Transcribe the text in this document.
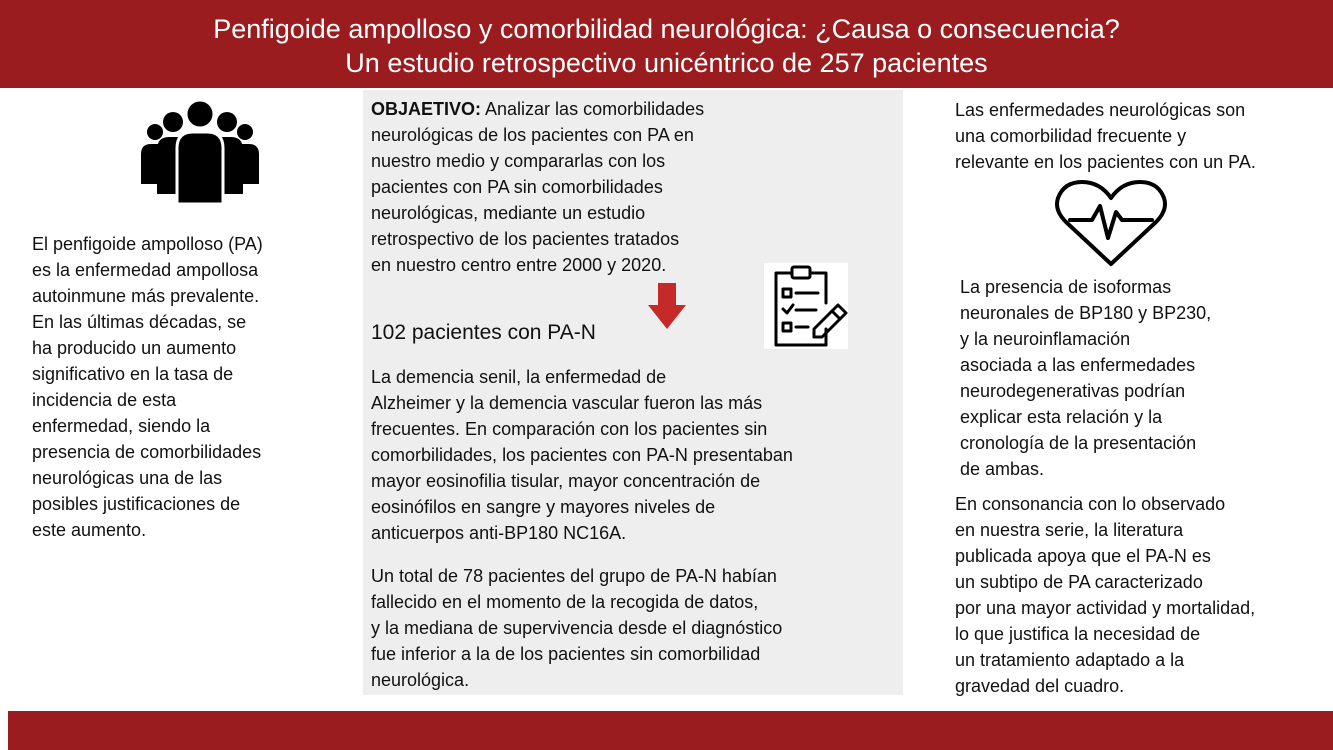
Penfigoide ampolloso y comorbilidad neurológica: ¿Causa o consecuencia?
Un estudio retrospectivo unicéntrico de 257 pacientes
El penfigoide ampolloso (PA)
es la enfermedad ampollosa
autoinmune más prevalente.
En las últimas décadas, se
ha producido un aumento
significativo en la tasa de
incidencia de esta
enfermedad, siendo la
presencia de comorbilidades
neurológicas una de las
posibles justificaciones de
este aumento.
OBJAETIVO: Analizar las comorbilidades
neurológicas de los pacientes con PA en
nuestro medio y compararlas con los
pacientes con PA sin comorbilidades
neurológicas, mediante un estudio
retrospectivo de los pacientes tratados
en nuestro centro entre 2000 y 2020.
102 pacientes con PA-N
La demencia senil, la enfermedad de
Alzheimer y la demencia vascular fueron las más
frecuentes. En comparación con los pacientes sin
comorbilidades, los pacientes con PA-N presentaban
mayor eosinofilia tisular, mayor concentración de
eosinófilos en sangre y mayores niveles de
anticuerpos anti-BP180 NC16A.
Un total de 78 pacientes del grupo de PA-N habían
fallecido en el momento de la recogida de datos,
y la mediana de supervivencia desde el diagnóstico
fue inferior a la de los pacientes sin comorbilidad
neurológica.
Las enfermedades neurológicas son
una comorbilidad frecuente y
relevante en los pacientes con un PA.
La presencia de isoformas
neuronales de BP180 y BP230,
y la neuroinflamación
asociada a las enfermedades
neurodegenerativas podrían
explicar esta relación y la
cronología de la presentación
de ambas.
En consonancia con lo observado
en nuestra serie, la literatura
publicada apoya que el PA-N es
un subtipo de PA caracterizado
por una mayor actividad y mortalidad,
lo que justifica la necesidad de
un tratamiento adaptado a la
gravedad del cuadro.
